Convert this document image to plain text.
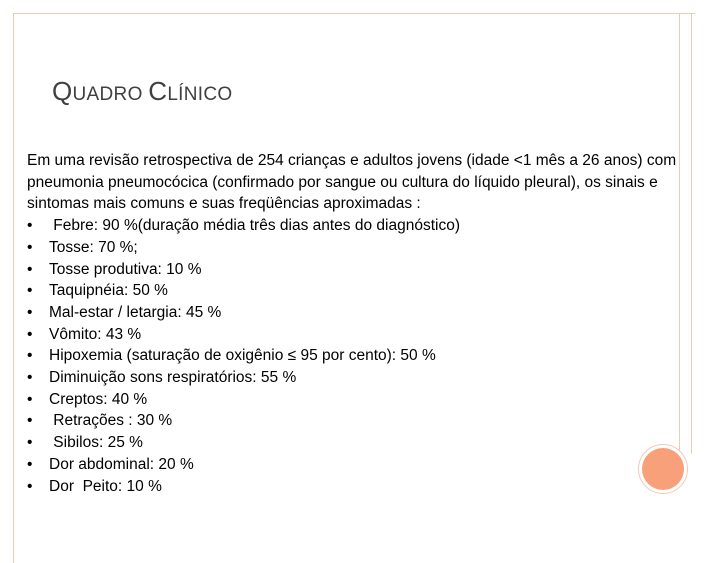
QUADRO CLÍNICO

Em uma revisão retrospectiva de 254 crianças e adultos jovens (idade <1 mês a 26 anos) com pneumonia pneumocócica (confirmado por sangue ou cultura do líquido pleural), os sinais e sintomas mais comuns e suas freqüências aproximadas :

•	Febre: 90 %(duração média três dias antes do diagnóstico)
•	Tosse: 70 %;
•	Tosse produtiva: 10 %
•	Taquipnéia: 50 %
•	Mal-estar / letargia: 45 %
•	Vômito: 43 %
•	Hipoxemia (saturação de oxigênio ≤ 95 por cento): 50 %
•	Diminuição sons respiratórios: 55 %
•	Creptos: 40 %
•	Retrações : 30 %
•	Sibilos: 25 %
•	Dor abdominal: 20 %
•	Dor  Peito: 10 %
